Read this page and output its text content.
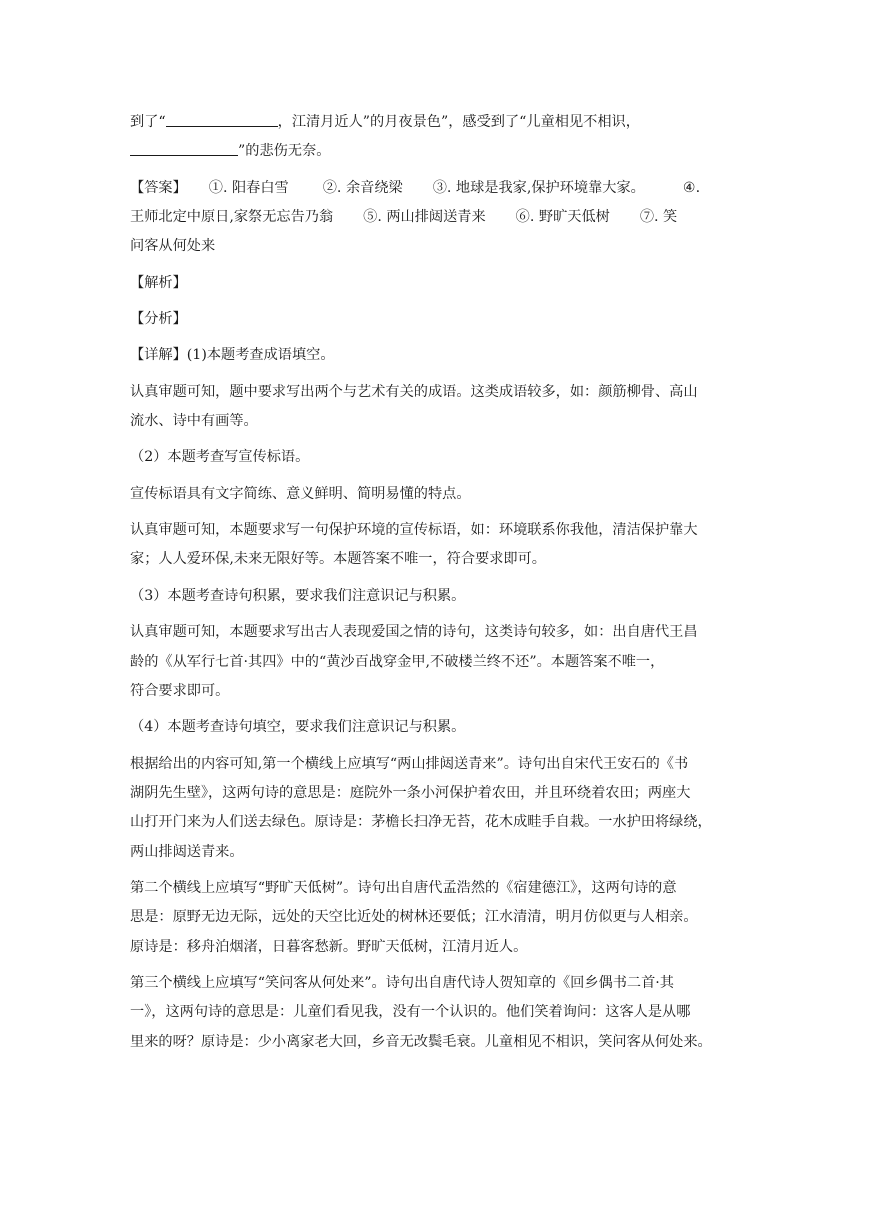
到了“	，江清月近人”的月夜景色”，感受到了“儿童相见不相识，
”的悲伤无奈。
【答案】 ①. 阳春白雪 ②. 余音绕梁 ③. 地球是我家,保护环境靠大家。	④.
王师北定中原日,家祭无忘告乃翁 ⑤. 两山排闼送青来 ⑥. 野旷天低树 ⑦. 笑
问客从何处来
【解析】
【分析】
【详解】(1)本题考查成语填空。
认真审题可知，题中要求写出两个与艺术有关的成语。这类成语较多，如：颜筋柳骨、高山
流水、诗中有画等。
（2）本题考查写宣传标语。
宣传标语具有文字简练、意义鲜明、简明易懂的特点。
认真审题可知，本题要求写一句保护环境的宣传标语，如：环境联系你我他，清洁保护靠大
家；人人爱环保,未来无限好等。本题答案不唯一，符合要求即可。
（3）本题考查诗句积累，要求我们注意识记与积累。
认真审题可知，本题要求写出古人表现爱国之情的诗句，这类诗句较多，如：出自唐代王昌
龄的《从军行七首·其四》中的“黄沙百战穿金甲,不破楼兰终不还”。本题答案不唯一，
符合要求即可。
（4）本题考查诗句填空，要求我们注意识记与积累。
根据给出的内容可知,第一个横线上应填写“两山排闼送青来”。诗句出自宋代王安石的《书
湖阴先生壁》，这两句诗的意思是：庭院外一条小河保护着农田，并且环绕着农田；两座大
山打开门来为人们送去绿色。原诗是：茅檐长扫净无苔，花木成畦手自栽。一水护田将绿绕，
两山排闼送青来。
第二个横线上应填写“野旷天低树”。诗句出自唐代孟浩然的《宿建德江》，这两句诗的意
思是：原野无边无际，远处的天空比近处的树林还要低；江水清清，明月仿似更与人相亲。
原诗是：移舟泊烟渚，日暮客愁新。野旷天低树，江清月近人。
第三个横线上应填写“笑问客从何处来”。诗句出自唐代诗人贺知章的《回乡偶书二首·其
一》，这两句诗的意思是：儿童们看见我，没有一个认识的。他们笑着询问：这客人是从哪
里来的呀？原诗是：少小离家老大回，乡音无改鬓毛衰。儿童相见不相识，笑问客从何处来。
